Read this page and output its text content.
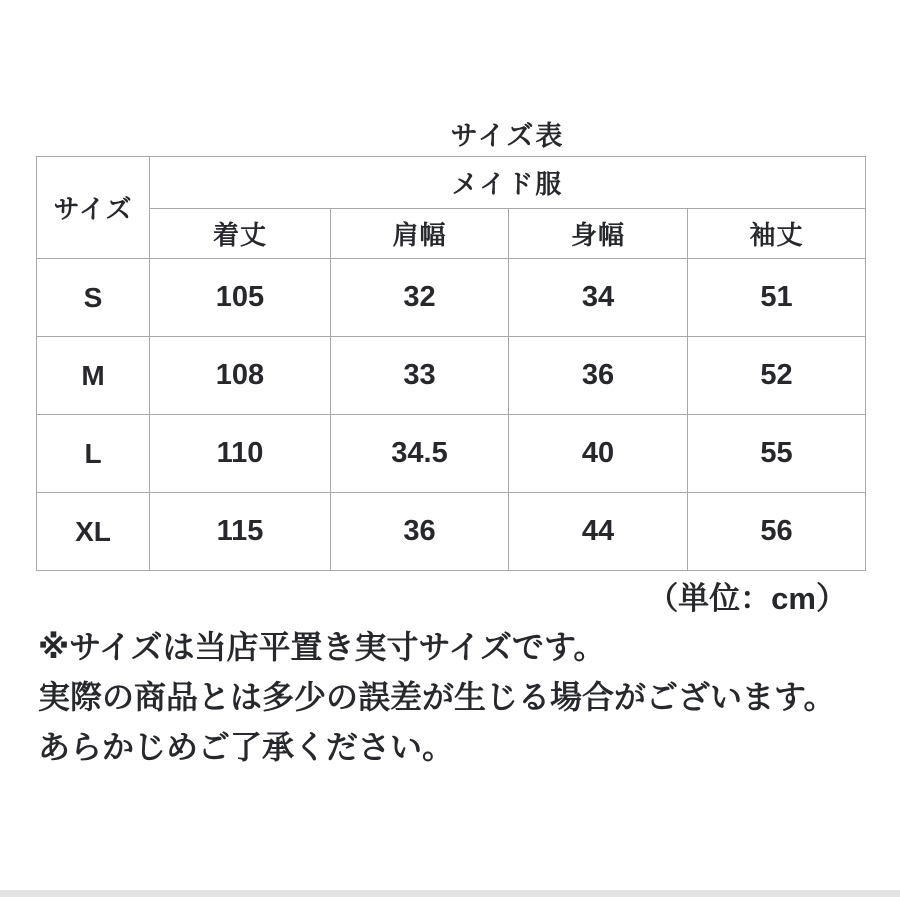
サイズ表
サイズ	メイド服			
	着丈	肩幅	身幅	袖丈
S	105	32	34	51
M	108	33	36	52
L	110	34.5	40	55
XL	115	36	44	56
（単位：cm）

※サイズは当店平置き実寸サイズです。

実際の商品とは多少の誤差が生じる場合がございます。

あらかじめご了承ください。
